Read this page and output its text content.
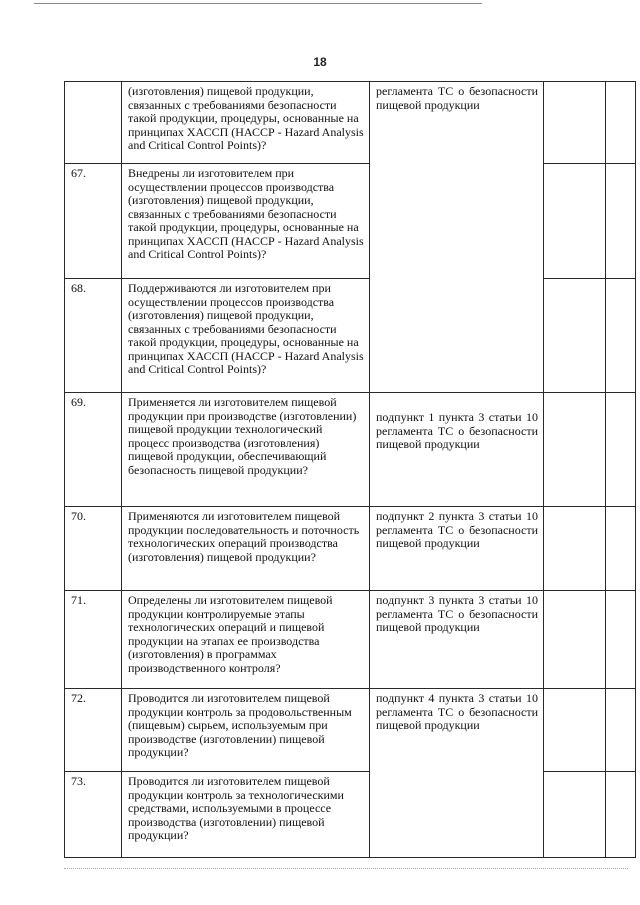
18
	(изготовления) пищевой продукции, связанных с требованиями безопасности такой продукции, процедуры, основанные на принципах ХАССП (НАССР - Hazard Analysis and Critical Control Points)?	регламента ТС о безопасности пищевой продукции		
67.	Внедрены ли изготовителем при осуществлении процессов производства (изготовления) пищевой продукции, связанных с требованиями безопасности такой продукции, процедуры, основанные на принципах ХАССП (НАССР - Hazard Analysis and Critical Control Points)?			
68.	Поддерживаются ли изготовителем при осуществлении процессов производства (изготовления) пищевой продукции, связанных с требованиями безопасности такой продукции, процедуры, основанные на принципах ХАССП (НАССР - Hazard Analysis and Critical Control Points)?			
69.	Применяется ли изготовителем пищевой продукции при производстве (изготовлении) пищевой продукции технологический процесс производства (изготовления) пищевой продукции, обеспечивающий безопасность пищевой продукции?	подпункт 1 пункта 3 статьи 10 регламента ТС о безопасности пищевой продукции		
70.	Применяются ли изготовителем пищевой продукции последовательность и поточность технологических операций производства (изготовления) пищевой продукции?	подпункт 2 пункта 3 статьи 10 регламента ТС о безопасности пищевой продукции		
71.	Определены ли изготовителем пищевой продукции контролируемые этапы технологических операций и пищевой продукции на этапах ее производства (изготовления) в программах производственного контроля?	подпункт 3 пункта 3 статьи 10 регламента ТС о безопасности пищевой продукции		
72.	Проводится ли изготовителем пищевой продукции контроль за продовольственным (пищевым) сырьем, используемым при производстве (изготовлении) пищевой продукции?	подпункт 4 пункта 3 статьи 10 регламента ТС о безопасности пищевой продукции		
73.	Проводится ли изготовителем пищевой продукции контроль за технологическими средствами, используемыми в процессе производства (изготовлении) пищевой продукции?			
